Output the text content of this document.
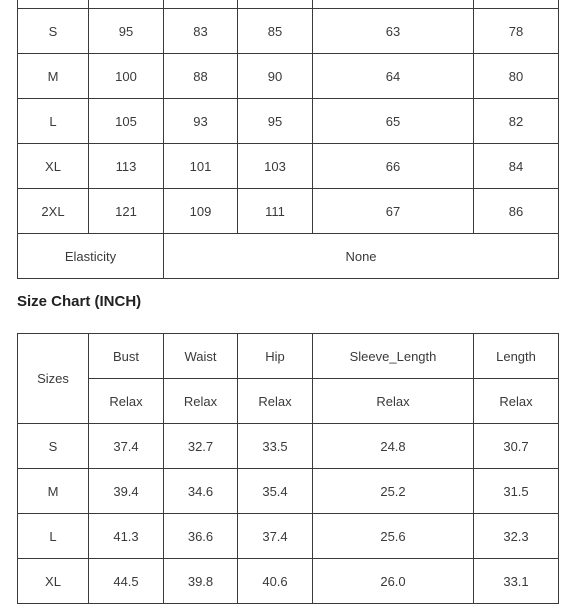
S	95	83	85	63	78
M	100	88	90	64	80
L	105	93	95	65	82
XL	113	101	103	66	84
2XL	121	109	111	67	86
Elasticity		None			
Size Chart (INCH)
Sizes	Bust	Waist	Hip	Sleeve_Length	Length
	Relax	Relax	Relax	Relax	Relax
S	37.4	32.7	33.5	24.8	30.7
M	39.4	34.6	35.4	25.2	31.5
L	41.3	36.6	37.4	25.6	32.3
XL	44.5	39.8	40.6	26.0	33.1
